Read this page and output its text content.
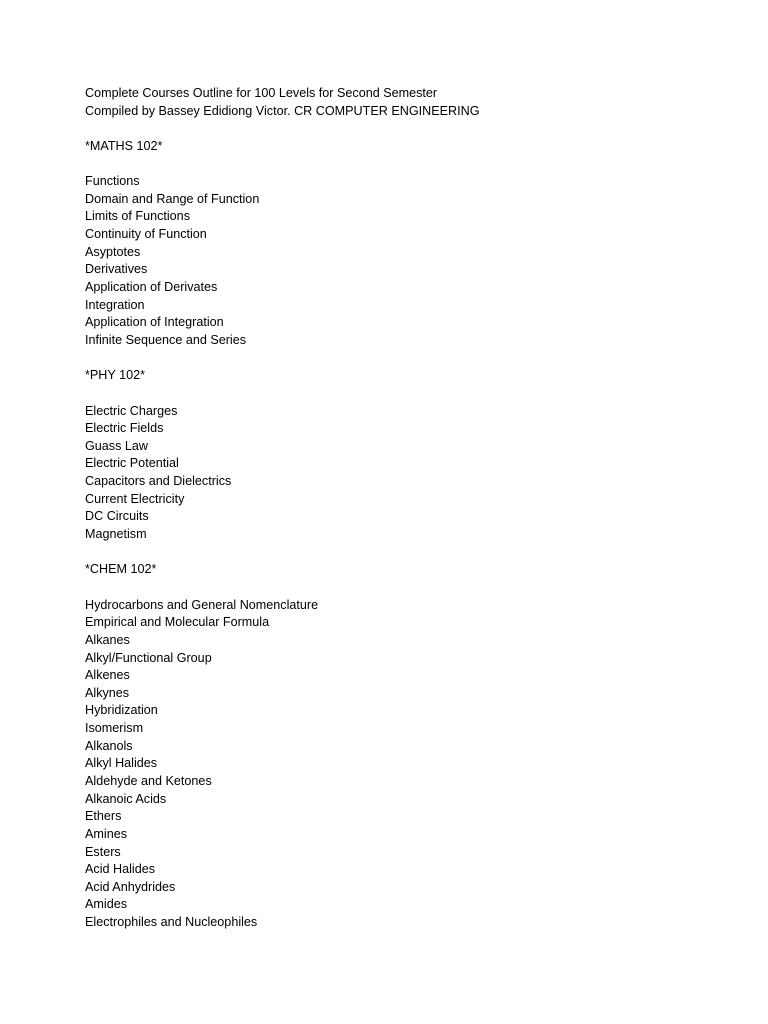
Complete Courses Outline for 100 Levels for Second Semester
Compiled by Bassey Edidiong Victor. CR COMPUTER ENGINEERING
*MATHS 102*
Functions
Domain and Range of Function
Limits of Functions
Continuity of Function
Asyptotes
Derivatives
Application of Derivates
Integration
Application of Integration
Infinite Sequence and Series
*PHY 102*
Electric Charges
Electric Fields
Guass Law
Electric Potential
Capacitors and Dielectrics
Current Electricity
DC Circuits
Magnetism
*CHEM 102*
Hydrocarbons and General Nomenclature
Empirical and Molecular Formula
Alkanes
Alkyl/Functional Group
Alkenes
Alkynes
Hybridization
Isomerism
Alkanols
Alkyl Halides
Aldehyde and Ketones
Alkanoic Acids
Ethers
Amines
Esters
Acid Halides
Acid Anhydrides
Amides
Electrophiles and Nucleophiles
